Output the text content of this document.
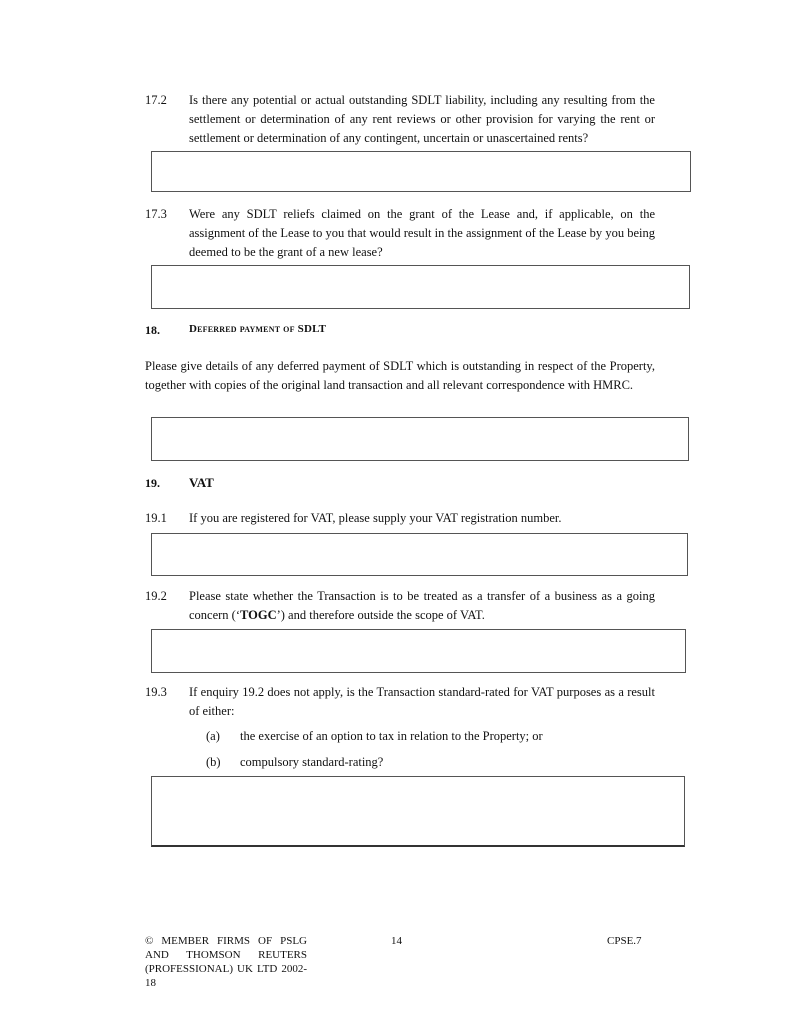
17.2 Is there any potential or actual outstanding SDLT liability, including any resulting from the settlement or determination of any rent reviews or other provision for varying the rent or settlement or determination of any contingent, uncertain or unascertained rents?
17.3 Were any SDLT reliefs claimed on the grant of the Lease and, if applicable, on the assignment of the Lease to you that would result in the assignment of the Lease by you being deemed to be the grant of a new lease?
18.	Deferred payment of SDLT
Please give details of any deferred payment of SDLT which is outstanding in respect of the Property, together with copies of the original land transaction and all relevant correspondence with HMRC.
19. VAT
19.1 If you are registered for VAT, please supply your VAT registration number.
19.2 Please state whether the Transaction is to be treated as a transfer of a business as a going concern (‘TOGC’) and therefore outside the scope of VAT.
19.3 If enquiry 19.2 does not apply, is the Transaction standard-rated for VAT purposes as a result of either:
(a) the exercise of an option to tax in relation to the Property; or
(b) compulsory standard-rating?
© MEMBER FIRMS OF PSLG AND THOMSON REUTERS (PROFESSIONAL) UK LTD 2002-18
14	CPSE.7
